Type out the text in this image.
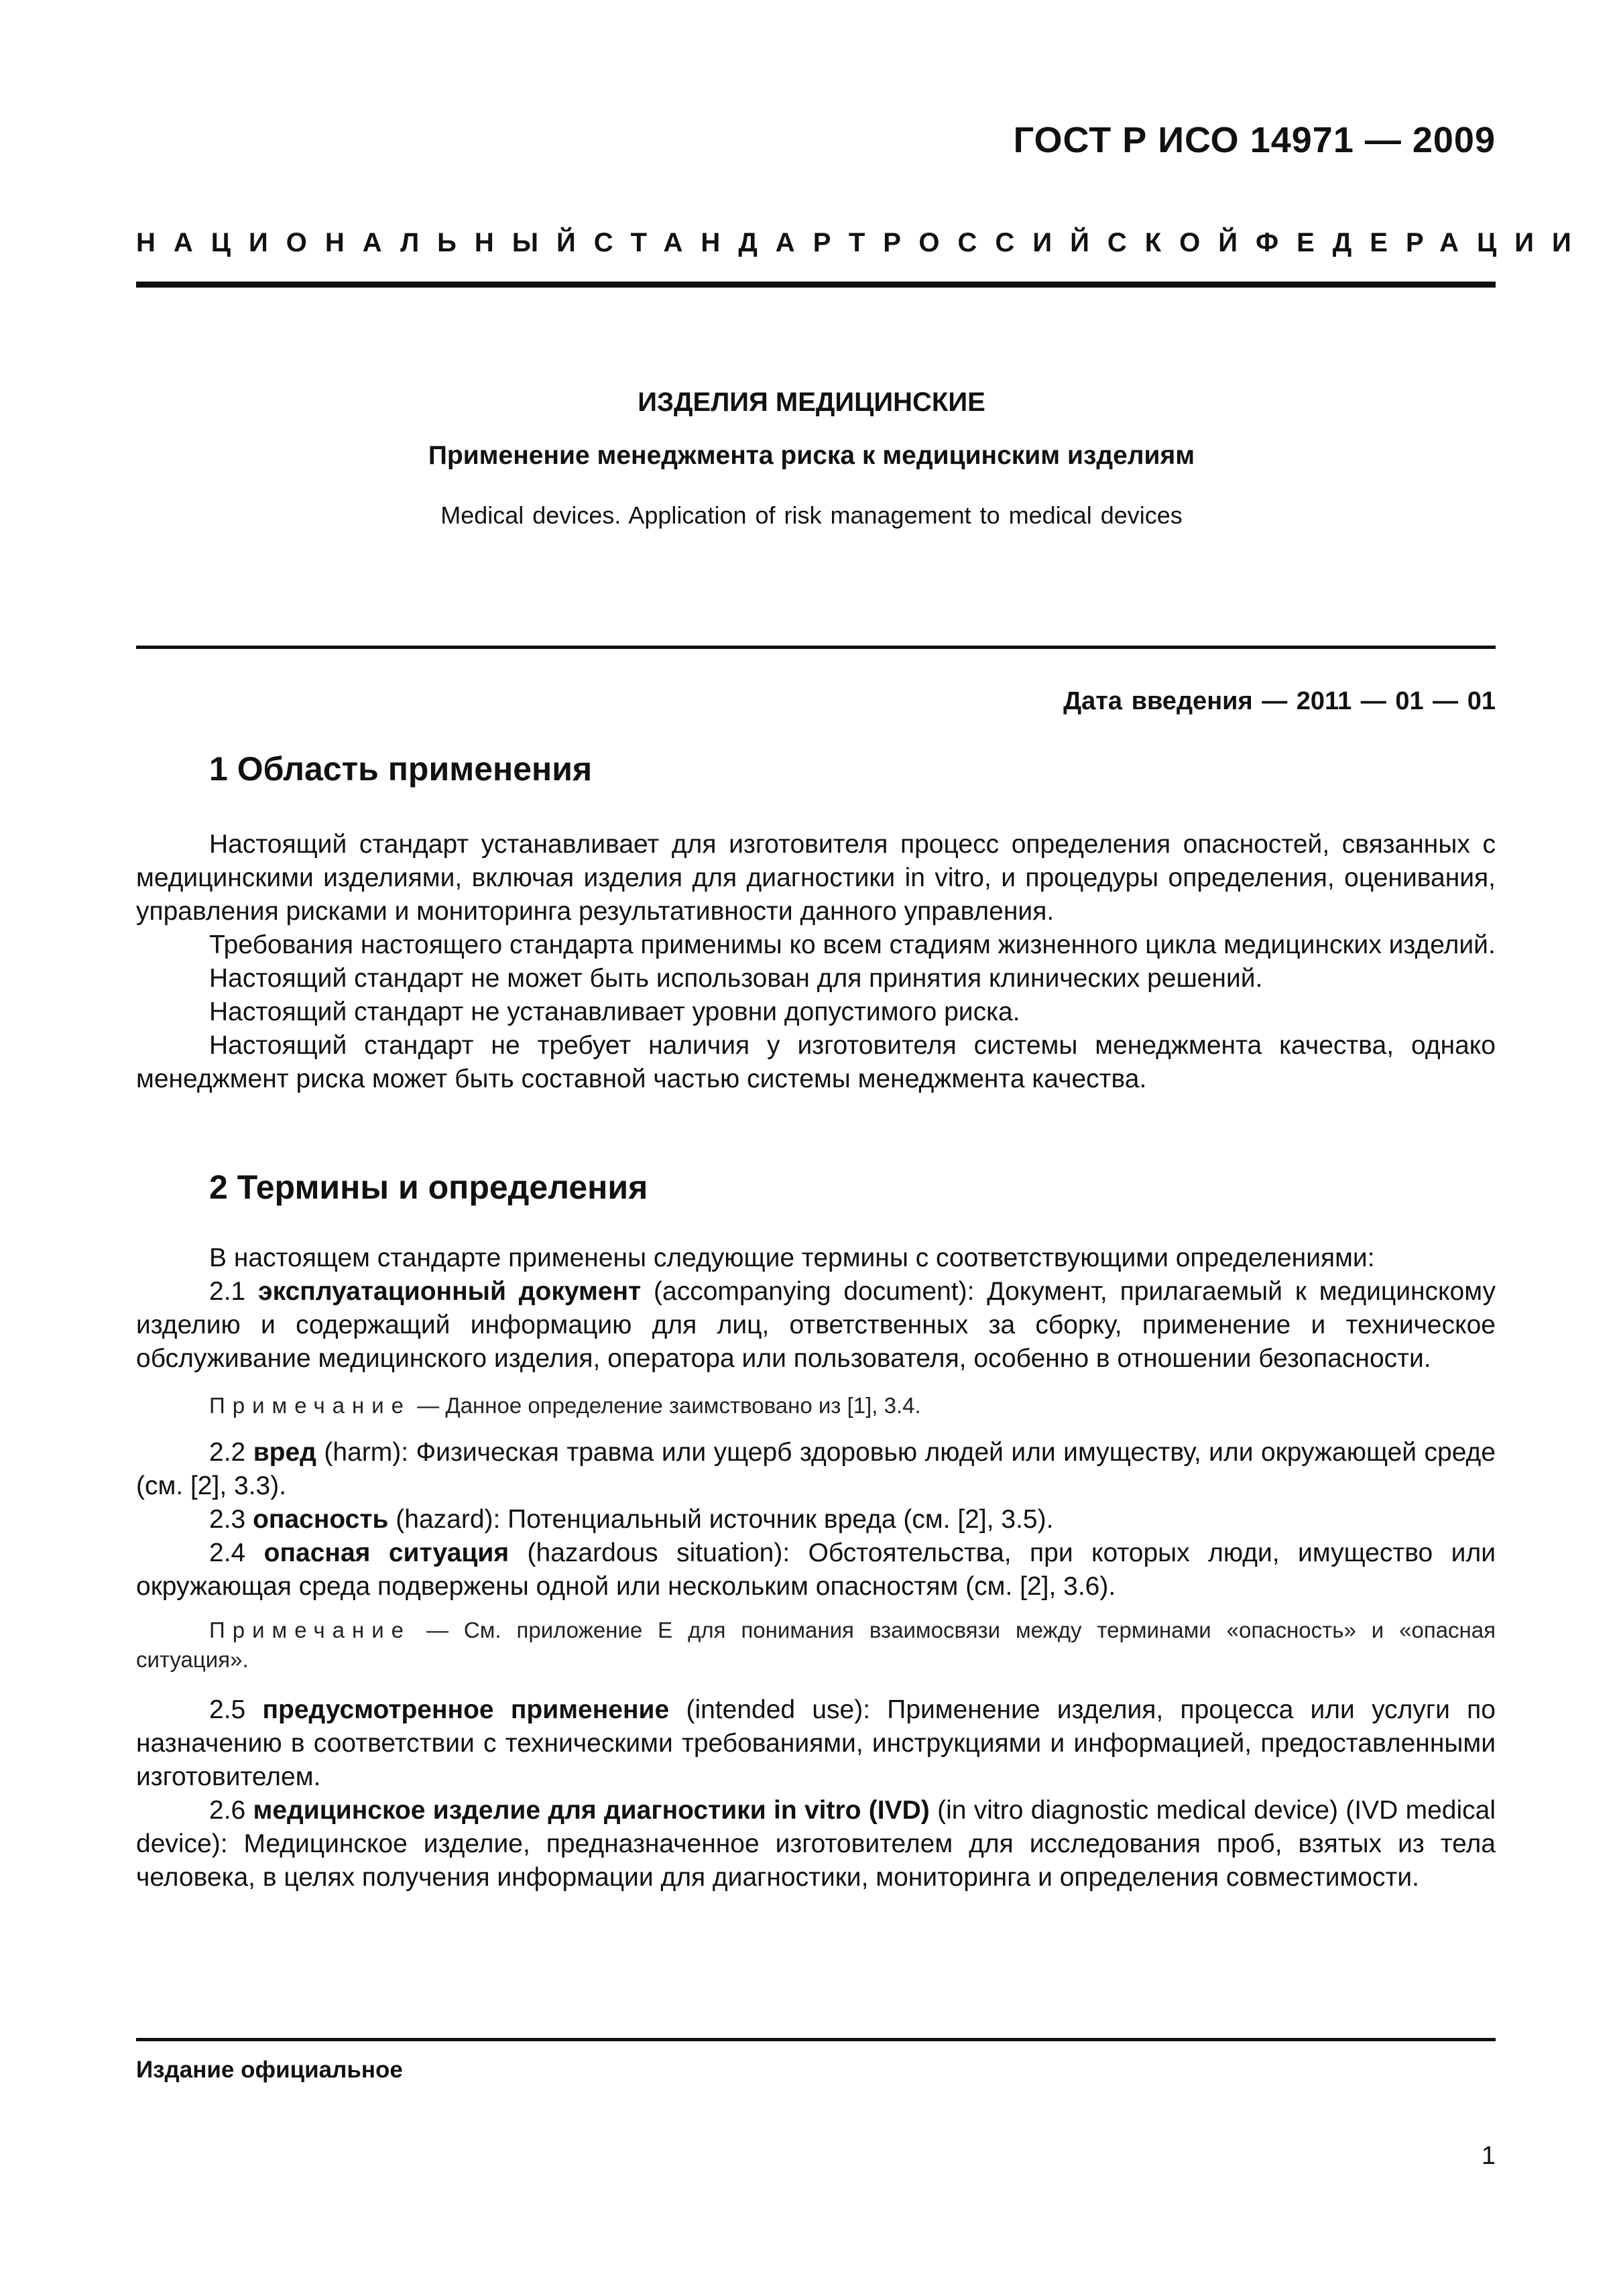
ГОСТ Р ИСО 14971 — 2009
НАЦИОНАЛЬНЫЙ СТАНДАРТ РОССИЙСКОЙ ФЕДЕРАЦИИ
ИЗДЕЛИЯ МЕДИЦИНСКИЕ
Применение менеджмента риска к медицинским изделиям
Medical devices. Application of risk management to medical devices
Дата введения — 2011 — 01 — 01
1 Область применения

Настоящий стандарт устанавливает для изготовителя процесс определения опасностей, связанных с медицинскими изделиями, включая изделия для диагностики in vitro, и процедуры определения, оценивания, управления рисками и мониторинга результативности данного управления.

Требования настоящего стандарта применимы ко всем стадиям жизненного цикла медицинских изделий.

Настоящий стандарт не может быть использован для принятия клинических решений.

Настоящий стандарт не устанавливает уровни допустимого риска.

Настоящий стандарт не требует наличия у изготовителя системы менеджмента качества, однако менеджмент риска может быть составной частью системы менеджмента качества.

2 Термины и определения

В настоящем стандарте применены следующие термины с соответствующими определениями:

2.1 эксплуатационный документ (accompanying document): Документ, прилагаемый к медицинскому изделию и содержащий информацию для лиц, ответственных за сборку, применение и техническое обслуживание медицинского изделия, оператора или пользователя, особенно в отношении безопасности.

Примечание — Данное определение заимствовано из [1], 3.4.

2.2 вред (harm): Физическая травма или ущерб здоровью людей или имуществу, или окружающей среде (см. [2], 3.3).

2.3 опасность (hazard): Потенциальный источник вреда (см. [2], 3.5).

2.4 опасная ситуация (hazardous situation): Обстоятельства, при которых люди, имущество или окружающая среда подвержены одной или нескольким опасностям (см. [2], 3.6).

Примечание — См. приложение E для понимания взаимосвязи между терминами «опасность» и «опасная ситуация».

2.5 предусмотренное применение (intended use): Применение изделия, процесса или услуги по назначению в соответствии с техническими требованиями, инструкциями и информацией, предоставленными изготовителем.

2.6 медицинское изделие для диагностики in vitro (IVD) (in vitro diagnostic medical device) (IVD medical device): Медицинское изделие, предназначенное изготовителем для исследования проб, взятых из тела человека, в целях получения информации для диагностики, мониторинга и определения совместимости.

Издание официальное
1
